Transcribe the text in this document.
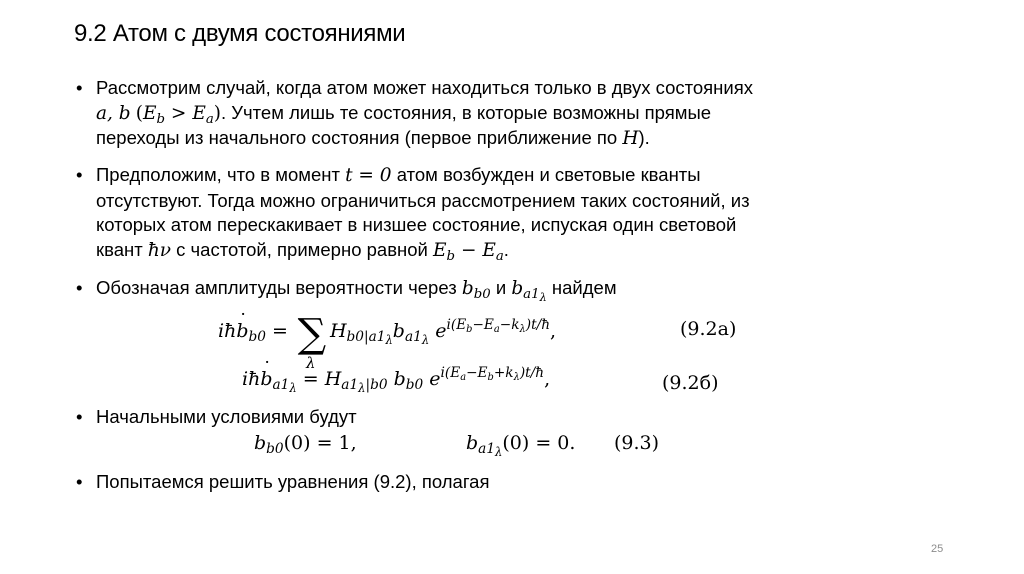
9.2 Атом с двумя состояниями
• Рассмотрим случай, когда атом может находиться только в двух состояниях
a, b $(E_b > E_a)$. Учтем лишь те состояния, в которые возможны прямые
переходы из начального состояния (первое приближение по H).
• Предположим, что в момент t = 0 атом возбужден и световые кванты
отсутствуют. Тогда можно ограничиться рассмотрением таких состояний, из
которых атом перескакивает в низшее состояние, испуская один световой
квант ħν с частотой, примерно равной $E_b - E_a$.
• Обозначая амплитуды вероятности через $b_{b0}$ и $b_{a1_\lambda}$ найдем
iħ˙ $b_{b0}$ = ∑
λ
$H_{b0|a1_\lambda}b_{a1_\lambda}$ $e^{i(E_b-E_a-k_\lambda)t/ħ}$,	(9.2a)
iħ˙ $b_{a1_\lambda} = H_{a1_\lambda|b0}$ $b_{b0}$ $e^{i(E_a-E_b+k_\lambda)t/ħ}$,	(9.2б)
• Начальными условиями будут
$b_{b0}(0) = 1$,	$b_{a1_\lambda}(0) = 0$. (9.3)
• Попытаемся решить уравнения (9.2), полагая
25
